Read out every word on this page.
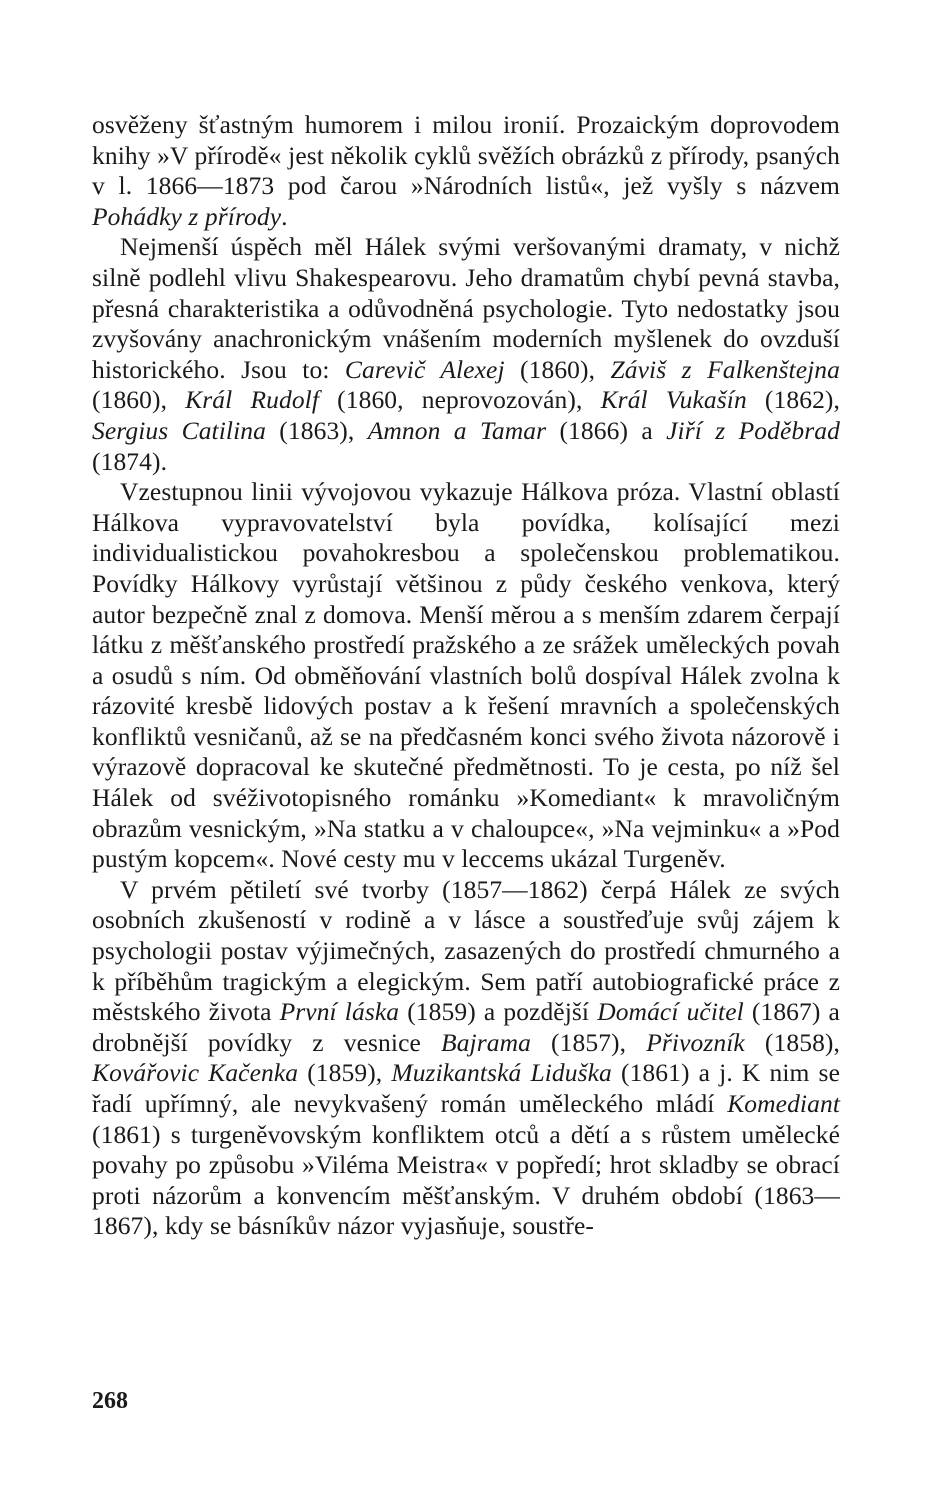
osvěženy šťastným humorem i milou ironií. Prozaickým doprovodem knihy »V přírodě« jest několik cyklů svěžích obrázků z přírody, psaných v l. 1866—1873 pod čarou »Národních listů«, jež vyšly s názvem Pohádky z přírody.

Nejmenší úspěch měl Hálek svými veršovanými dramaty, v nichž silně podlehl vlivu Shakespearovu. Jeho dramatům chybí pevná stavba, přesná charakteristika a odůvodněná psychologie. Tyto nedostatky jsou zvyšovány anachronickým vnášením moderních myšlenek do ovzduší historického. Jsou to: Carevič Alexej (1860), Záviš z Falkenštejna (1860), Král Rudolf (1860, neprovozován), Král Vukašín (1862), Sergius Catilina (1863), Amnon a Tamar (1866) a Jiří z Poděbrad (1874).

Vzestupnou linii vývojovou vykazuje Hálkova próza. Vlastní oblastí Hálkova vypravovatelství byla povídka, kolísající mezi individualistickou povahokresbou a společenskou problematikou. Povídky Hálkovy vyrůstají většinou z půdy českého venkova, který autor bezpečně znal z domova. Menší měrou a s menším zdarem čerpají látku z měšťanského prostředí pražského a ze srážek uměleckých povah a osudů s ním. Od obměňování vlastních bolů dospíval Hálek zvolna k rázovité kresbě lidových postav a k řešení mravních a společenských konfliktů vesničanů, až se na předčasném konci svého života názorově i výrazově dopracoval ke skutečné předmětnosti. To je cesta, po níž šel Hálek od svéživotopisného románku »Komediant« k mravoličným obrazům vesnickým, »Na statku a v chaloupce«, »Na vejminku« a »Pod pustým kopcem«. Nové cesty mu v leccems ukázal Turgeněv.

V prvém pětiletí své tvorby (1857—1862) čerpá Hálek ze svých osobních zkušeností v rodině a v lásce a soustřeďuje svůj zájem k psychologii postav výjimečných, zasazených do prostředí chmurného a k příběhům tragickým a elegickým. Sem patří autobiografické práce z městského života První láska (1859) a pozdější Domácí učitel (1867) a drobnější povídky z vesnice Bajrama (1857), Přivozník (1858), Kovářovic Kačenka (1859), Muzikantská Liduška (1861) a j. K nim se řadí upřímný, ale nevykvašený román uměleckého mládí Komediant (1861) s turgeněvovským konfliktem otců a dětí a s růstem umělecké povahy po způsobu »Viléma Meistra« v popředí; hrot skladby se obrací proti názorům a konvencím měšťanským. V druhém období (1863—1867), kdy se básníkův názor vyjasňuje, soustře-

268
